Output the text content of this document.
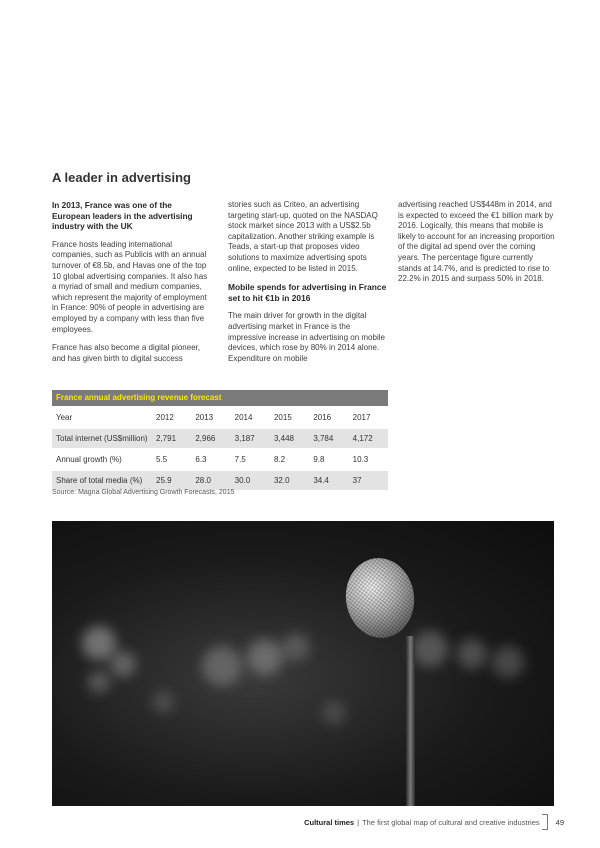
A leader in advertising

In 2013, France was one of the European leaders in the advertising industry with the UK

France hosts leading international companies, such as Publicis with an annual turnover of €8.5b, and Havas one of the top 10 global advertising companies. It also has a myriad of small and medium companies, which represent the majority of employment in France: 90% of people in advertising are employed by a company with less than five employees.

France has also become a digital pioneer, and has given birth to digital success

stories such as Criteo, an advertising targeting start-up, quoted on the NASDAQ stock market since 2013 with a US$2.5b capitalization. Another striking example is Teads, a start-up that proposes video solutions to maximize advertising spots online, expected to be listed in 2015.

Mobile spends for advertising in France set to hit €1b in 2016

The main driver for growth in the digital advertising market in France is the impressive increase in advertising on mobile devices, which rose by 80% in 2014 alone. Expenditure on mobile

advertising reached US$448m in 2014, and is expected to exceed the €1 billion mark by 2016. Logically, this means that mobile is likely to account for an increasing proportion of the digital ad spend over the coming years. The percentage figure currently stands at 14.7%, and is predicted to rise to 22.2% in 2015 and surpass 50% in 2018.

France annual advertising revenue forecast
Year	2012	2013	2014	2015	2016	2017
Total internet (US$million)	2,791	2,966	3,187	3,448	3,784	4,172
Annual growth (%)	5.5	6.3	7.5	8.2	9.8	10.3
Share of total media (%)	25.9	28.0	30.0	32.0	34.4	37
Source: Magna Global Advertising Growth Forecasts, 2015
Cultural times | The first global map of cultural and creative industries 49
